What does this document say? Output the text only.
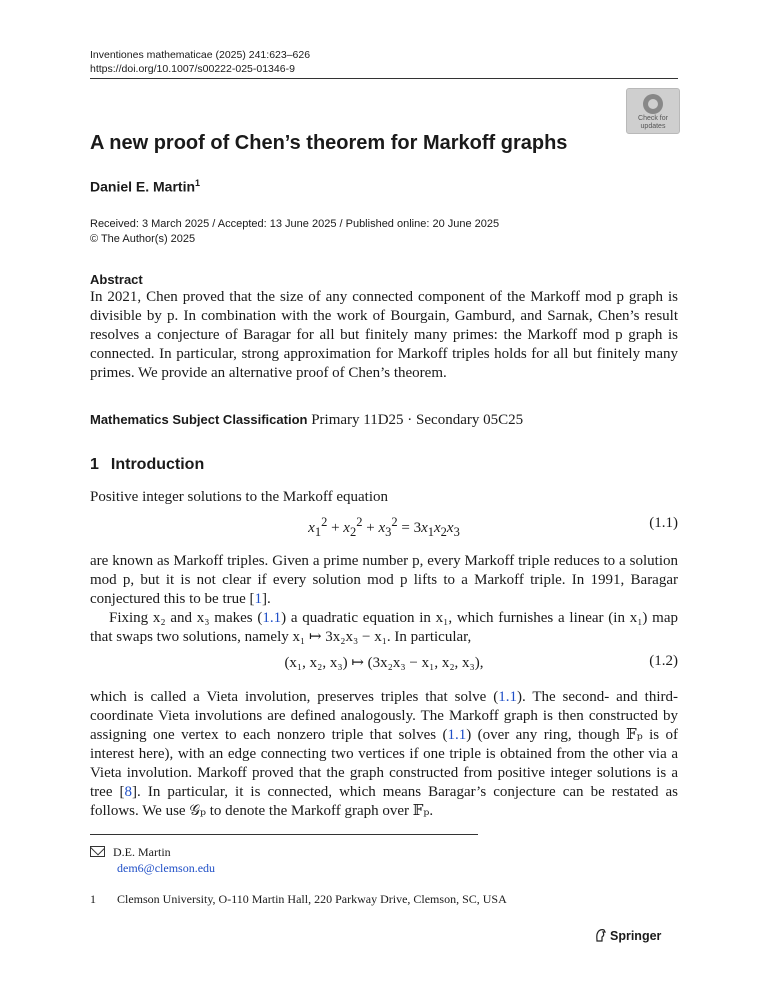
Inventiones mathematicae (2025) 241:623–626
https://doi.org/10.1007/s00222-025-01346-9
Check for updates
A new proof of Chen’s theorem for Markoff graphs
Daniel E. Martin$^1$
Received: 3 March 2025 / Accepted: 13 June 2025 / Published online: 20 June 2025
© The Author(s) 2025
Abstract
In 2021, Chen proved that the size of any connected component of the Markoff mod p graph is divisible by p. In combination with the work of Bourgain, Gamburd, and Sarnak, Chen’s result resolves a conjecture of Baragar for all but finitely many primes: the Markoff mod p graph is connected. In particular, strong approximation for Markoff triples holds for all but finitely many primes. We provide an alternative proof of Chen’s theorem.
Mathematics Subject Classification Primary 11D25 · Secondary 05C25
1 Introduction
Positive integer solutions to the Markoff equation
$x_1^2 + x_2^2 + x_3^2 = 3x_1x_2x_3$
(1.1)
are known as Markoff triples. Given a prime number p, every Markoff triple reduces to a solution mod p, but it is not clear if every solution mod p lifts to a Markoff triple. In 1991, Baragar conjectured this to be true [1].
Fixing x₂ and x₃ makes (1.1) a quadratic equation in x₁, which furnishes a linear (in x₁) map that swaps two solutions, namely x₁ ↦ 3x₂x₃ − x₁. In particular,
(x₁, x₂, x₃) ↦ (3x₂x₃ − x₁, x₂, x₃),	(1.2)
which is called a Vieta involution, preserves triples that solve (1.1). The second- and third-coordinate Vieta involutions are defined analogously. The Markoff graph is then constructed by assigning one vertex to each nonzero triple that solves (1.1) (over any ring, though 𝔽ₚ is of interest here), with an edge connecting two vertices if one triple is obtained from the other via a Vieta involution. Markoff proved that the graph constructed from positive integer solutions is a tree [8]. In particular, it is connected, which means Baragar’s conjecture can be restated as follows. We use 𝒢ₚ to denote the Markoff graph over 𝔽ₚ.
D.E. Martin
dem6@clemson.edu
1 Clemson University, O-110 Martin Hall, 220 Parkway Drive, Clemson, SC, USA
Springer
